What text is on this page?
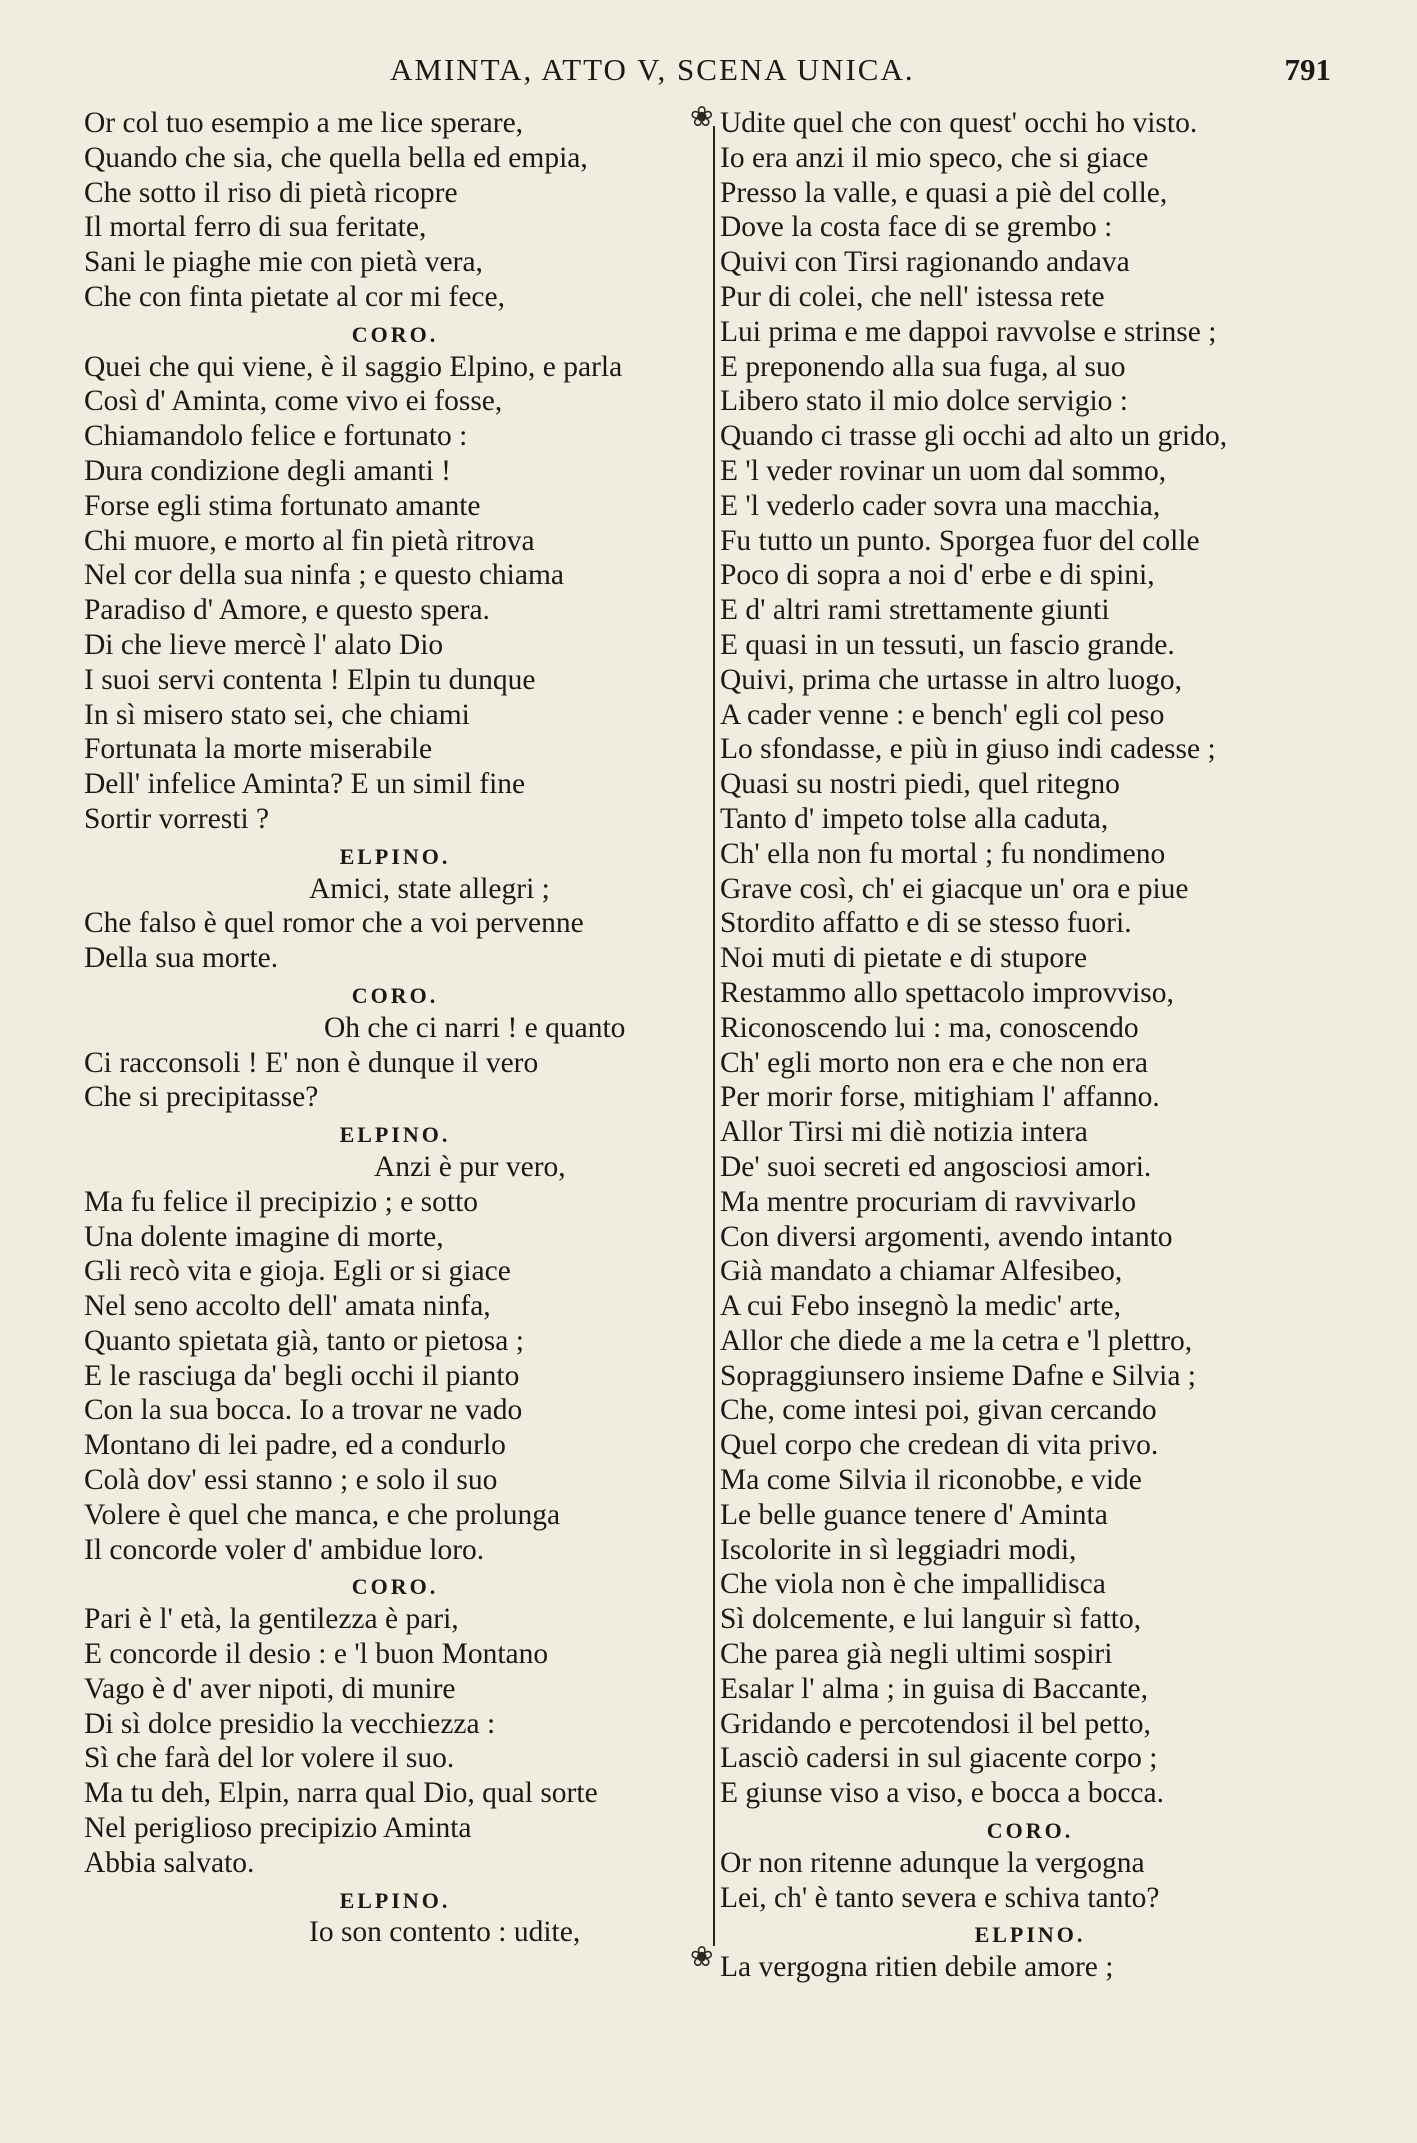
AMINTA, ATTO V, SCENA UNICA.	791
Or col tuo esempio a me lice sperare,
Quando che sia, che quella bella ed empia,
Che sotto il riso di pietà ricopre
Il mortal ferro di sua feritate,
Sani le piaghe mie con pietà vera,
Che con finta pietate al cor mi fece,
CORO.
Quei che qui viene, è il saggio Elpino, e parla
Così d' Aminta, come vivo ei fosse,
Chiamandolo felice e fortunato :
Dura condizione degli amanti !
Forse egli stima fortunato amante
Chi muore, e morto al fin pietà ritrova
Nel cor della sua ninfa ; e questo chiama
Paradiso d' Amore, e questo spera.
Di che lieve mercè l' alato Dio
I suoi servi contenta ! Elpin tu dunque
In sì misero stato sei, che chiami
Fortunata la morte miserabile
Dell' infelice Aminta? E un simil fine
Sortir vorresti ?
ELPINO.
Amici, state allegri ;
Che falso è quel romor che a voi pervenne
Della sua morte.
CORO.
Oh che ci narri ! e quanto
Ci racconsoli ! E' non è dunque il vero
Che si precipitasse?
ELPINO.
Anzi è pur vero,
Ma fu felice il precipizio ; e sotto
Una dolente imagine di morte,
Gli recò vita e gioja. Egli or si giace
Nel seno accolto dell' amata ninfa,
Quanto spietata già, tanto or pietosa ;
E le rasciuga da' begli occhi il pianto
Con la sua bocca. Io a trovar ne vado
Montano di lei padre, ed a condurlo
Colà dov' essi stanno ; e solo il suo
Volere è quel che manca, e che prolunga
Il concorde voler d' ambidue loro.
CORO.
Pari è l' età, la gentilezza è pari,
E concorde il desio : e 'l buon Montano
Vago è d' aver nipoti, di munire
Di sì dolce presidio la vecchiezza :
Sì che farà del lor volere il suo.
Ma tu deh, Elpin, narra qual Dio, qual sorte
Nel periglioso precipizio Aminta
Abbia salvato.
ELPINO.
Io son contento : udite,
❀
❀
Udite quel che con quest' occhi ho visto.
Io era anzi il mio speco, che si giace
Presso la valle, e quasi a piè del colle,
Dove la costa face di se grembo :
Quivi con Tirsi ragionando andava
Pur di colei, che nell' istessa rete
Lui prima e me dappoi ravvolse e strinse ;
E preponendo alla sua fuga, al suo
Libero stato il mio dolce servigio :
Quando ci trasse gli occhi ad alto un grido,
E 'l veder rovinar un uom dal sommo,
E 'l vederlo cader sovra una macchia,
Fu tutto un punto. Sporgea fuor del colle
Poco di sopra a noi d' erbe e di spini,
E d' altri rami strettamente giunti
E quasi in un tessuti, un fascio grande.
Quivi, prima che urtasse in altro luogo,
A cader venne : e bench' egli col peso
Lo sfondasse, e più in giuso indi cadesse ;
Quasi su nostri piedi, quel ritegno
Tanto d' impeto tolse alla caduta,
Ch' ella non fu mortal ; fu nondimeno
Grave così, ch' ei giacque un' ora e piue
Stordito affatto e di se stesso fuori.
Noi muti di pietate e di stupore
Restammo allo spettacolo improvviso,
Riconoscendo lui : ma, conoscendo
Ch' egli morto non era e che non era
Per morir forse, mitighiam l' affanno.
Allor Tirsi mi diè notizia intera
De' suoi secreti ed angosciosi amori.
Ma mentre procuriam di ravvivarlo
Con diversi argomenti, avendo intanto
Già mandato a chiamar Alfesibeo,
A cui Febo insegnò la medic' arte,
Allor che diede a me la cetra e 'l plettro,
Sopraggiunsero insieme Dafne e Silvia ;
Che, come intesi poi, givan cercando
Quel corpo che credean di vita privo.
Ma come Silvia il riconobbe, e vide
Le belle guance tenere d' Aminta
Iscolorite in sì leggiadri modi,
Che viola non è che impallidisca
Sì dolcemente, e lui languir sì fatto,
Che parea già negli ultimi sospiri
Esalar l' alma ; in guisa di Baccante,
Gridando e percotendosi il bel petto,
Lasciò cadersi in sul giacente corpo ;
E giunse viso a viso, e bocca a bocca.
CORO.
Or non ritenne adunque la vergogna
Lei, ch' è tanto severa e schiva tanto?
ELPINO.
La vergogna ritien debile amore ;
